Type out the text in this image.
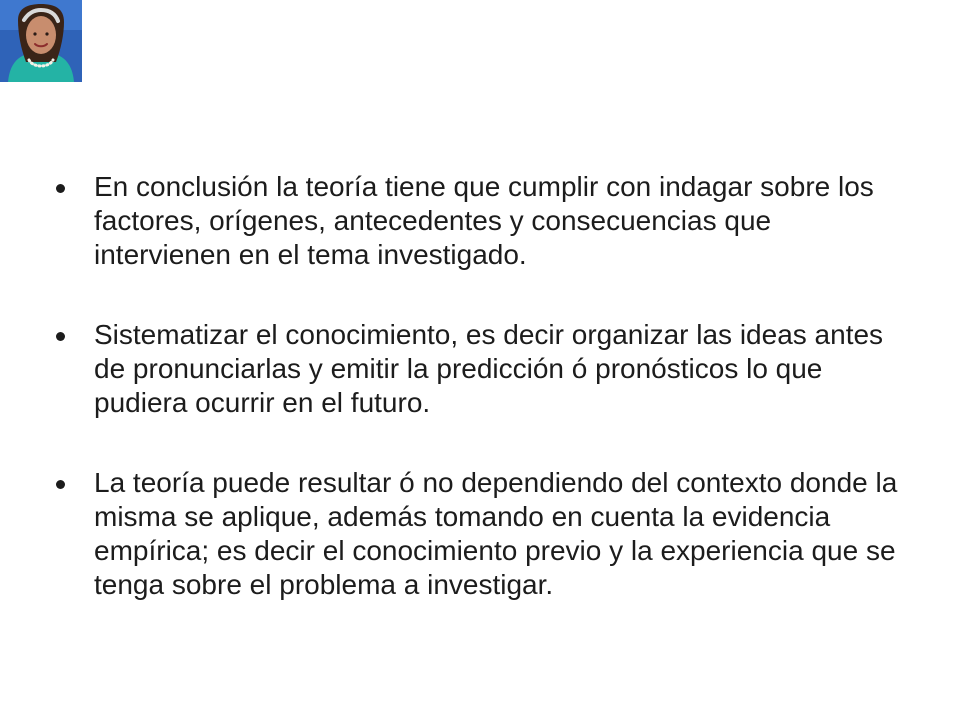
En conclusión la teoría tiene que cumplir con indagar sobre los factores, orígenes, antecedentes y consecuencias que intervienen en el tema investigado.
Sistematizar el conocimiento, es decir organizar las ideas antes de pronunciarlas y emitir la predicción ó pronósticos lo que pudiera ocurrir en el futuro.
La teoría puede resultar ó no dependiendo del contexto donde la misma se aplique, además tomando en cuenta la evidencia empírica; es decir el conocimiento previo y la experiencia que se tenga sobre el problema a investigar.
